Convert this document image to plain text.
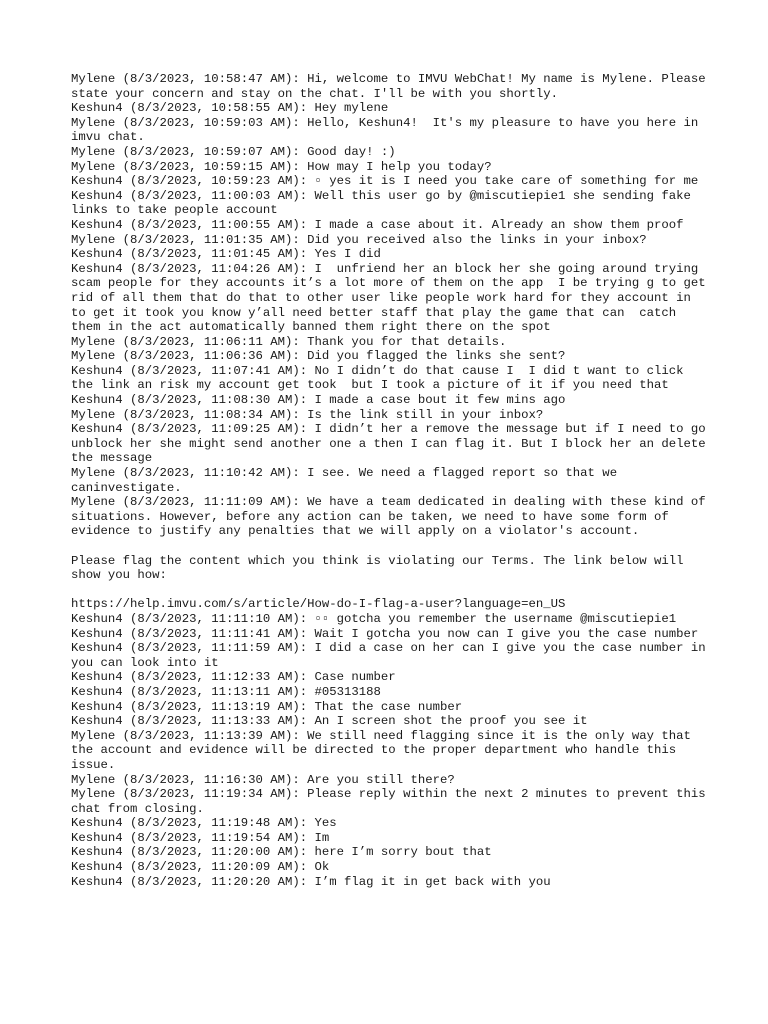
Mylene (8/3/2023, 10:58:47 AM): Hi, welcome to IMVU WebChat! My name is Mylene. Please state your concern and stay on the chat. I'll be with you shortly.
Keshun4 (8/3/2023, 10:58:55 AM): Hey mylene
Mylene (8/3/2023, 10:59:03 AM): Hello, Keshun4!  It's my pleasure to have you here in imvu chat.
Mylene (8/3/2023, 10:59:07 AM): Good day! :)
Mylene (8/3/2023, 10:59:15 AM): How may I help you today?
Keshun4 (8/3/2023, 10:59:23 AM): ▫ yes it is I need you take care of something for me
Keshun4 (8/3/2023, 11:00:03 AM): Well this user go by @miscutiepie1 she sending fake links to take people account
Keshun4 (8/3/2023, 11:00:55 AM): I made a case about it. Already an show them proof
Mylene (8/3/2023, 11:01:35 AM): Did you received also the links in your inbox?
Keshun4 (8/3/2023, 11:01:45 AM): Yes I did
Keshun4 (8/3/2023, 11:04:26 AM): I  unfriend her an block her she going around trying scam people for they accounts it’s a lot more of them on the app  I be trying g to get rid of all them that do that to other user like people work hard for they account in to get it took you know y’all need better staff that play the game that can  catch them in the act automatically banned them right there on the spot
Mylene (8/3/2023, 11:06:11 AM): Thank you for that details.
Mylene (8/3/2023, 11:06:36 AM): Did you flagged the links she sent?
Keshun4 (8/3/2023, 11:07:41 AM): No I didn’t do that cause I  I did t want to click the link an risk my account get took  but I took a picture of it if you need that
Keshun4 (8/3/2023, 11:08:30 AM): I made a case bout it few mins ago
Mylene (8/3/2023, 11:08:34 AM): Is the link still in your inbox?
Keshun4 (8/3/2023, 11:09:25 AM): I didn’t her a remove the message but if I need to go unblock her she might send another one a then I can flag it. But I block her an delete the message
Mylene (8/3/2023, 11:10:42 AM): I see. We need a flagged report so that we caninvestigate.
Mylene (8/3/2023, 11:11:09 AM): We have a team dedicated in dealing with these kind of situations. However, before any action can be taken, we need to have some form of evidence to justify any penalties that we will apply on a violator's account.
Please flag the content which you think is violating our Terms. The link below will show you how:
https://help.imvu.com/s/article/How-do-I-flag-a-user?language=en_US
Keshun4 (8/3/2023, 11:11:10 AM): ▫▫ gotcha you remember the username @miscutiepie1
Keshun4 (8/3/2023, 11:11:41 AM): Wait I gotcha you now can I give you the case number
Keshun4 (8/3/2023, 11:11:59 AM): I did a case on her can I give you the case number in you can look into it
Keshun4 (8/3/2023, 11:12:33 AM): Case number
Keshun4 (8/3/2023, 11:13:11 AM): #05313188
Keshun4 (8/3/2023, 11:13:19 AM): That the case number
Keshun4 (8/3/2023, 11:13:33 AM): An I screen shot the proof you see it
Mylene (8/3/2023, 11:13:39 AM): We still need flagging since it is the only way that the account and evidence will be directed to the proper department who handle this issue.
Mylene (8/3/2023, 11:16:30 AM): Are you still there?
Mylene (8/3/2023, 11:19:34 AM): Please reply within the next 2 minutes to prevent this chat from closing.
Keshun4 (8/3/2023, 11:19:48 AM): Yes
Keshun4 (8/3/2023, 11:19:54 AM): Im
Keshun4 (8/3/2023, 11:20:00 AM): here I’m sorry bout that
Keshun4 (8/3/2023, 11:20:09 AM): Ok
Keshun4 (8/3/2023, 11:20:20 AM): I’m flag it in get back with you
